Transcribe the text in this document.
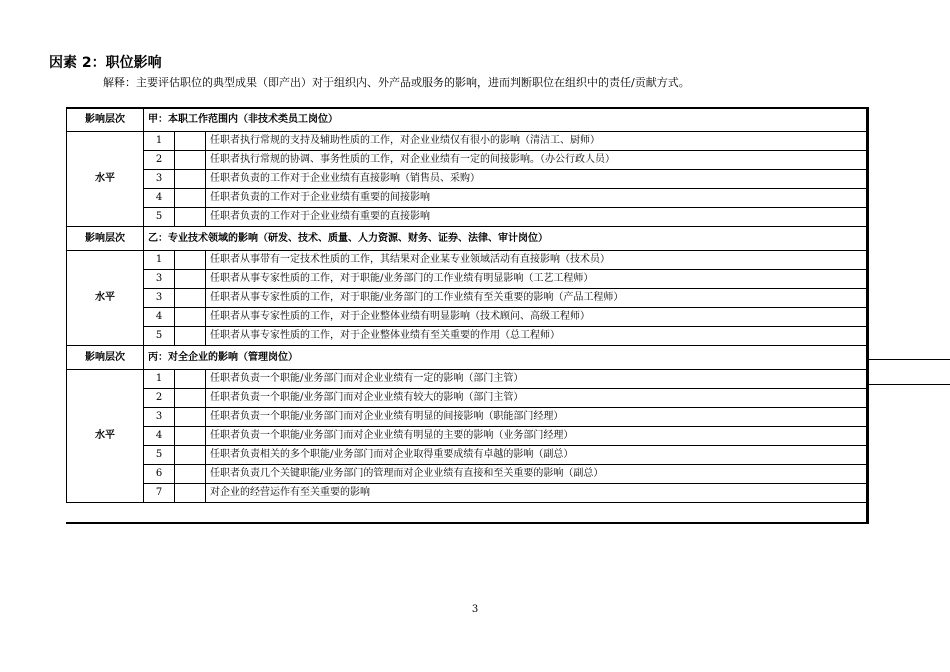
因素 2：职位影响
解释：主要评估职位的典型成果（即产出）对于组织内、外产品或服务的影响，进而判断职位在组织中的责任/贡献方式。
影响层次	甲：本职工作范围内（非技术类员工岗位）		
水平	1		任职者执行常规的支持及辅助性质的工作，对企业业绩仅有很小的影响（清洁工、厨师）
	2		任职者执行常规的协调、事务性质的工作，对企业业绩有一定的间接影响。（办公行政人员）
	3		任职者负责的工作对于企业业绩有直接影响（销售员、采购）
	4		任职者负责的工作对于企业业绩有重要的间接影响
	5		任职者负责的工作对于企业业绩有重要的直接影响
影响层次	乙：专业技术领域的影响（研发、技术、质量、人力资源、财务、证券、法律、审计岗位）		
水平	1		任职者从事带有一定技术性质的工作，其结果对企业某专业领域活动有直接影响（技术员）
	3		任职者从事专家性质的工作，对于职能/业务部门的工作业绩有明显影响（工艺工程师）
	3		任职者从事专家性质的工作，对于职能/业务部门的工作业绩有至关重要的影响（产品工程师）
	4		任职者从事专家性质的工作，对于企业整体业绩有明显影响（技术顾问、高级工程师）
	5		任职者从事专家性质的工作，对于企业整体业绩有至关重要的作用（总工程师）
影响层次	丙：对全企业的影响（管理岗位）		
水平	1		任职者负责一个职能/业务部门而对企业业绩有一定的影响（部门主管）
	2		任职者负责一个职能/业务部门而对企业业绩有较大的影响（部门主管）
	3		任职者负责一个职能/业务部门而对企业业绩有明显的间接影响（职能部门经理）
	4		任职者负责一个职能/业务部门而对企业业绩有明显的主要的影响（业务部门经理）
	5		任职者负责相关的多个职能/业务部门而对企业取得重要成绩有卓越的影响（副总）
	6		任职者负责几个关键职能/业务部门的管理而对企业业绩有直接和至关重要的影响（副总）
	7		对企业的经营运作有至关重要的影响
3
